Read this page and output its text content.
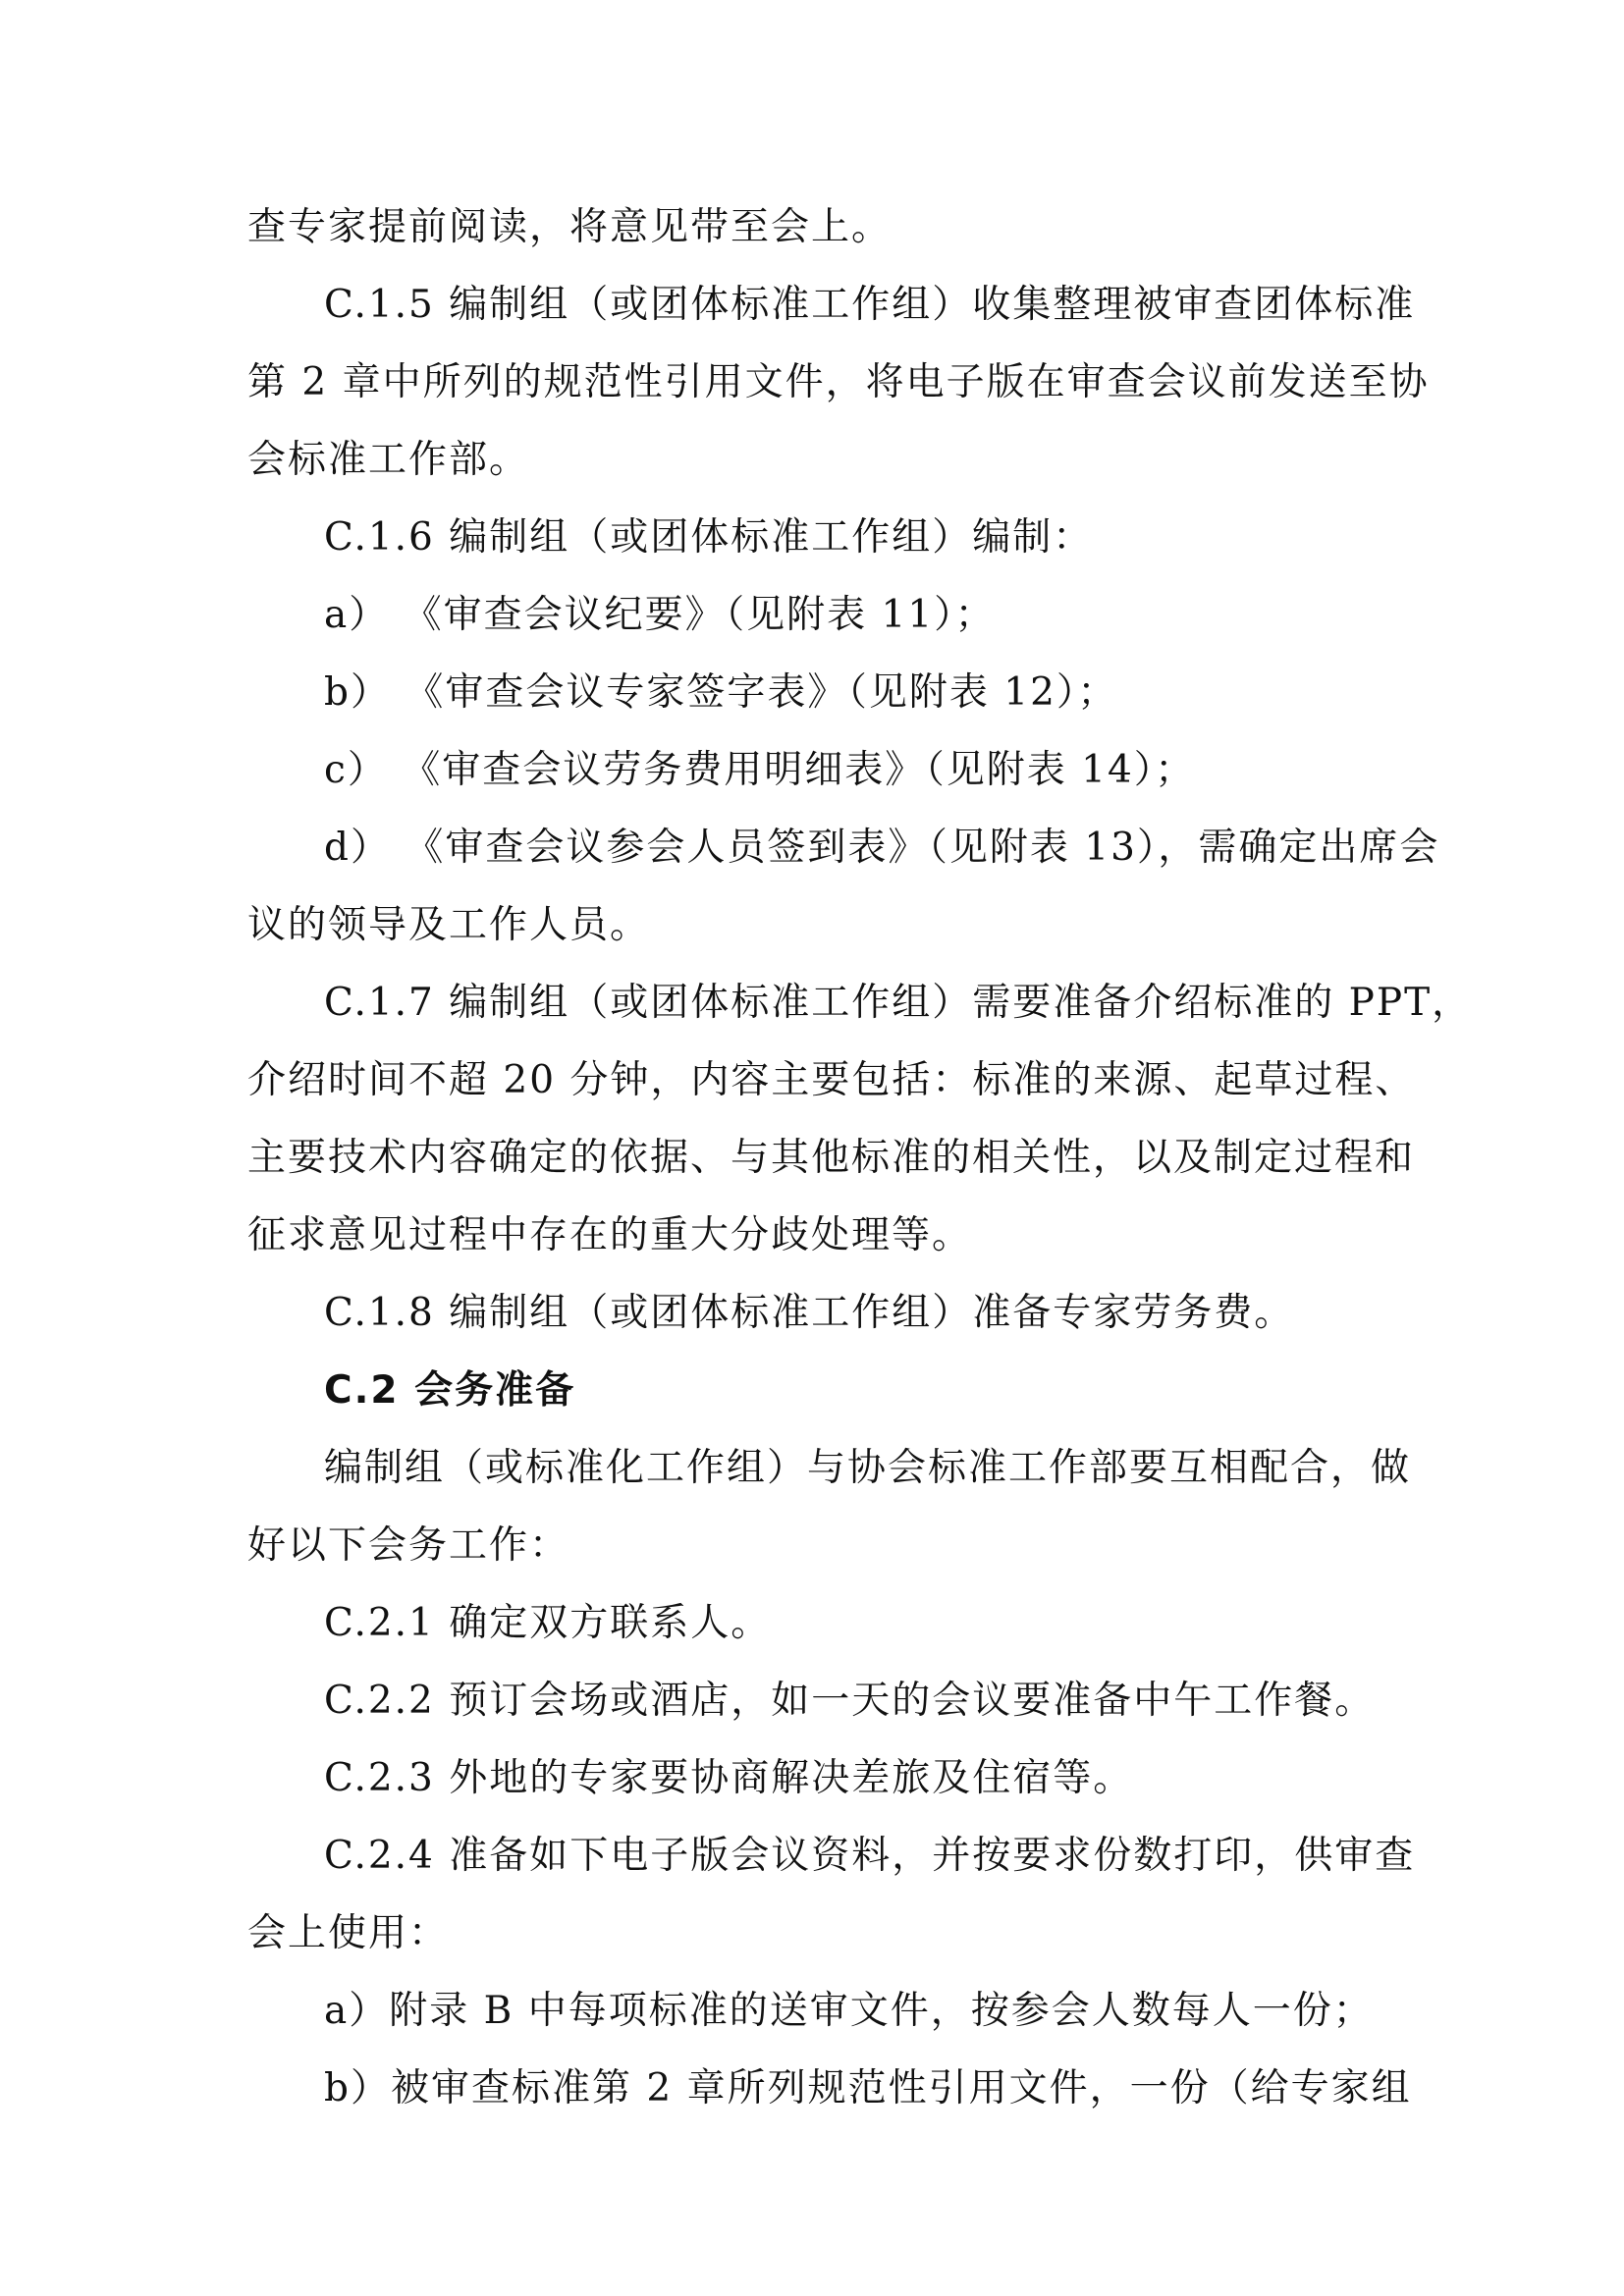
查专家提前阅读，将意见带至会上。

C.1.5 编制组（或团体标准工作组）收集整理被审查团体标准

第 2 章中所列的规范性引用文件，将电子版在审查会议前发送至协

会标准工作部。

C.1.6 编制组（或团体标准工作组）编制：

a） 《审查会议纪要》（见附表 11）；

b） 《审查会议专家签字表》（见附表 12）；

c） 《审查会议劳务费用明细表》（见附表 14）；

d） 《审查会议参会人员签到表》（见附表 13），需确定出席会

议的领导及工作人员。

C.1.7 编制组（或团体标准工作组）需要准备介绍标准的 PPT，

介绍时间不超 20 分钟，内容主要包括：标准的来源、起草过程、

主要技术内容确定的依据、与其他标准的相关性，以及制定过程和

征求意见过程中存在的重大分歧处理等。

C.1.8 编制组（或团体标准工作组）准备专家劳务费。

C.2 会务准备

编制组（或标准化工作组）与协会标准工作部要互相配合，做

好以下会务工作：

C.2.1 确定双方联系人。

C.2.2 预订会场或酒店，如一天的会议要准备中午工作餐。

C.2.3 外地的专家要协商解决差旅及住宿等。

C.2.4 准备如下电子版会议资料，并按要求份数打印，供审查

会上使用：

a）附录 B 中每项标准的送审文件，按参会人数每人一份；

b）被审查标准第 2 章所列规范性引用文件，一份（给专家组
